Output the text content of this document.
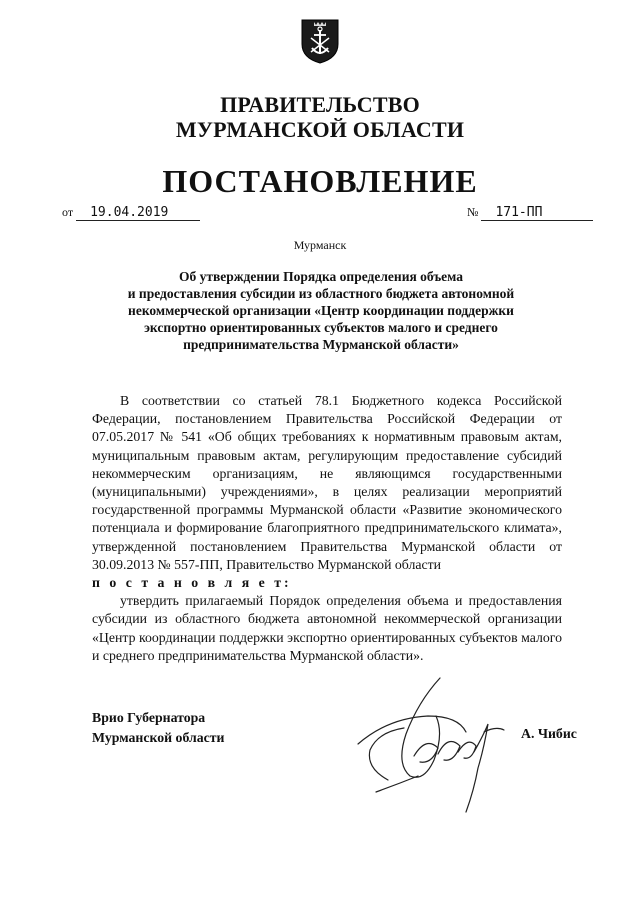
ПРАВИТЕЛЬСТВО
МУРМАНСКОЙ ОБЛАСТИ
ПОСТАНОВЛЕНИЕ
от 19.04.2019	№ 171-ПП
Мурманск
Об утверждении Порядка определения объема
и предоставления субсидии из областного бюджета автономной
некоммерческой организации «Центр координации поддержки
экспортно ориентированных субъектов малого и среднего
предпринимательства Мурманской области»

В соответствии со статьей 78.1 Бюджетного кодекса Российской Федерации, постановлением Правительства Российской Федерации от 07.05.2017 № 541 «Об общих требованиях к нормативным правовым актам, муниципальным правовым актам, регулирующим предоставление субсидий некоммерческим организациям, не являющимся государственными (муниципальными) учреждениями», в целях реализации мероприятий государственной программы Мурманской области «Развитие экономического потенциала и формирование благоприятного предпринимательского климата», утвержденной постановлением Правительства Мурманской области от 30.09.2013 № 557-ПП, Правительство Мурманской области

п о с т а н о в л я е т:

утвердить прилагаемый Порядок определения объема и предоставления субсидии из областного бюджета автономной некоммерческой организации «Центр координации поддержки экспортно ориентированных субъектов малого и среднего предпринимательства Мурманской области».

Врио Губернатора
Мурманской области	А. Чибис
